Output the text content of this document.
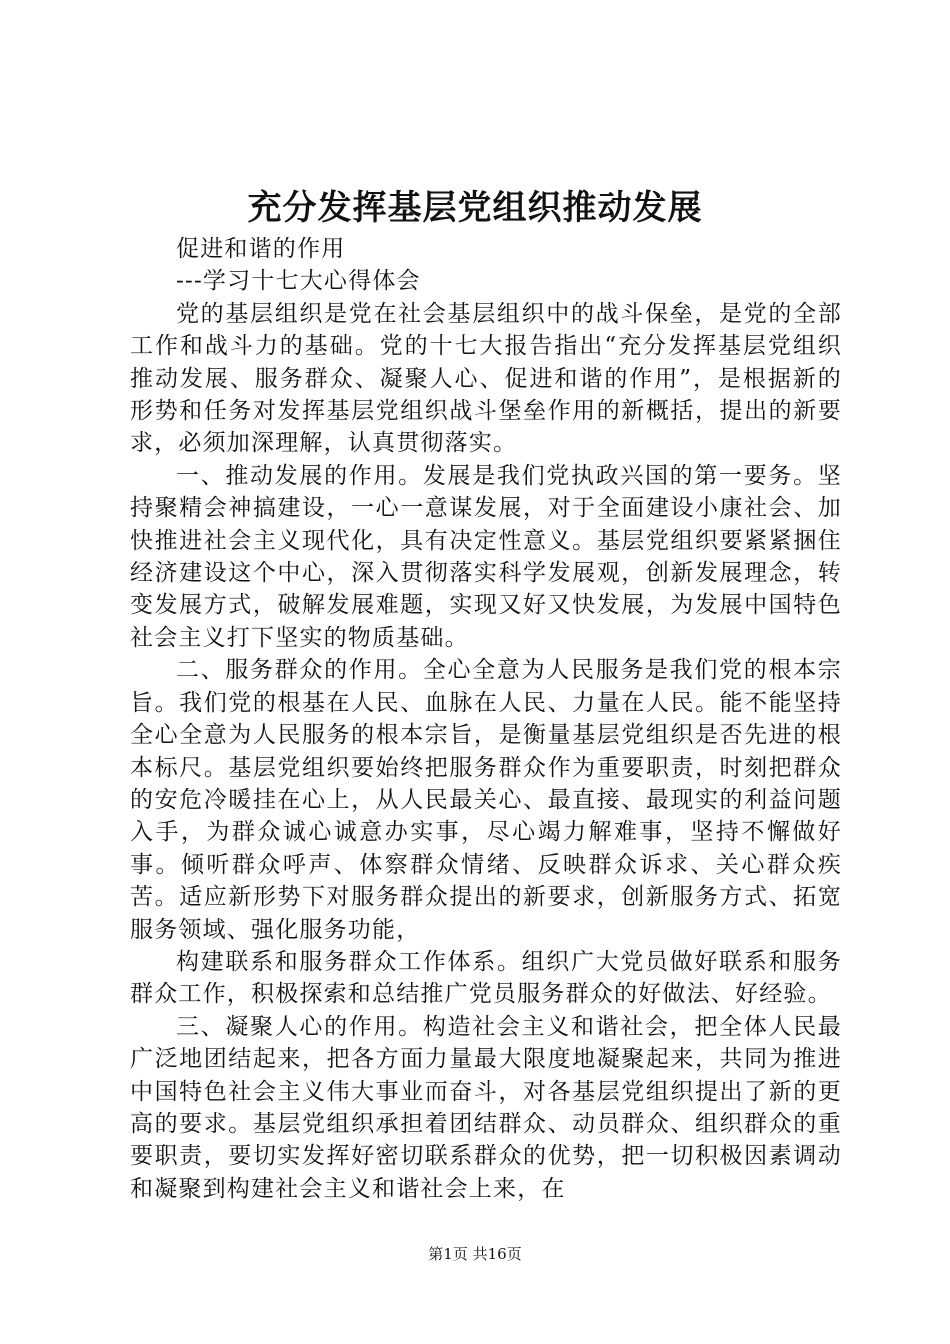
充分发挥基层党组织推动发展

促进和谐的作用

---学习十七大心得体会

党的基层组织是党在社会基层组织中的战斗保垒，是党的全部工作和战斗力的基础。党的十七大报告指出“充分发挥基层党组织推动发展、服务群众、凝聚人心、促进和谐的作用”，是根据新的形势和任务对发挥基层党组织战斗堡垒作用的新概括，提出的新要求，必须加深理解，认真贯彻落实。

一、推动发展的作用。发展是我们党执政兴国的第一要务。坚持聚精会神搞建设，一心一意谋发展，对于全面建设小康社会、加快推进社会主义现代化，具有决定性意义。基层党组织要紧紧捆住经济建设这个中心，深入贯彻落实科学发展观，创新发展理念，转变发展方式，破解发展难题，实现又好又快发展，为发展中国特色社会主义打下坚实的物质基础。

二、服务群众的作用。全心全意为人民服务是我们党的根本宗旨。我们党的根基在人民、血脉在人民、力量在人民。能不能坚持全心全意为人民服务的根本宗旨，是衡量基层党组织是否先进的根本标尺。基层党组织要始终把服务群众作为重要职责，时刻把群众的安危冷暖挂在心上，从人民最关心、最直接、最现实的利益问题入手，为群众诚心诚意办实事，尽心竭力解难事，坚持不懈做好事。倾听群众呼声、体察群众情绪、反映群众诉求、关心群众疾苦。适应新形势下对服务群众提出的新要求，创新服务方式、拓宽服务领域、强化服务功能，

构建联系和服务群众工作体系。组织广大党员做好联系和服务群众工作，积极探索和总结推广党员服务群众的好做法、好经验。

三、凝聚人心的作用。构造社会主义和谐社会，把全体人民最广泛地团结起来，把各方面力量最大限度地凝聚起来，共同为推进中国特色社会主义伟大事业而奋斗，对各基层党组织提出了新的更高的要求。基层党组织承担着团结群众、动员群众、组织群众的重要职责，要切实发挥好密切联系群众的优势，把一切积极因素调动和凝聚到构建社会主义和谐社会上来，在

第1页 共16页
